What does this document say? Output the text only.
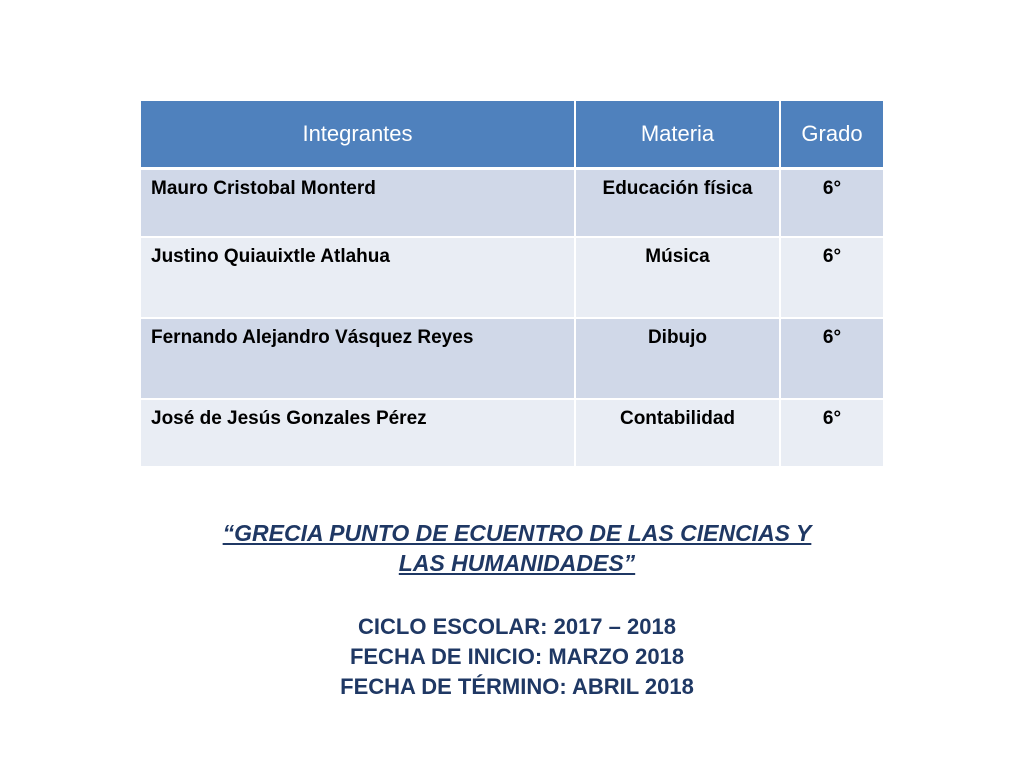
Integrantes	Materia	Grado
Mauro Cristobal Monterd	Educación física	6°
Justino Quiauixtle Atlahua	Música	6°
Fernando Alejandro Vásquez Reyes	Dibujo	6°
José de Jesús Gonzales Pérez	Contabilidad	6°
“GRECIA PUNTO DE ECUENTRO DE LAS CIENCIAS Y LAS HUMANIDADES”
CICLO ESCOLAR: 2017 – 2018
FECHA DE INICIO: MARZO 2018
FECHA DE TÉRMINO: ABRIL 2018
